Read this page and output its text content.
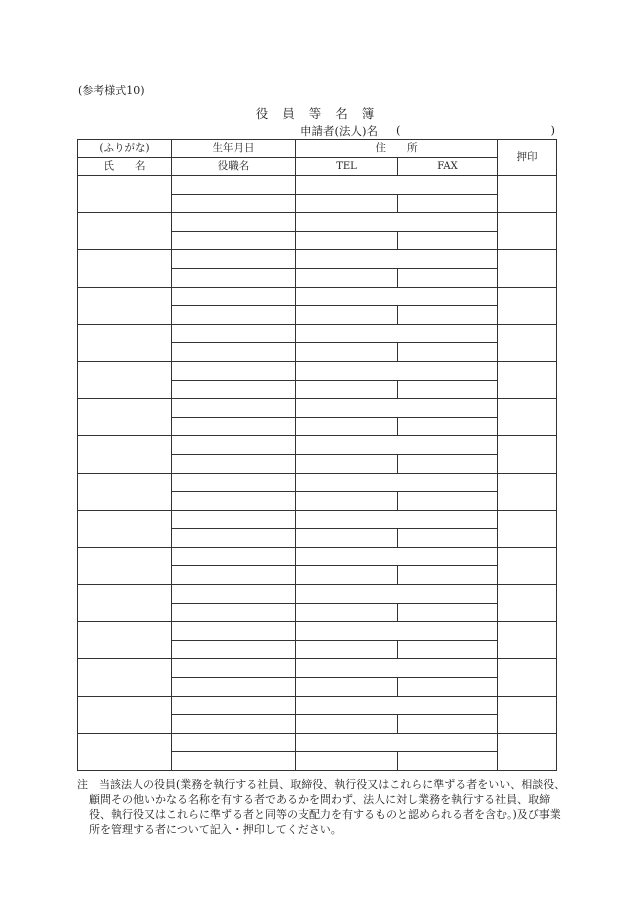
(参考様式10)
役 員 等 名 簿
申請者(法人)名 (	)
(ふりがな)	生年月日	住　　所		押印
氏　　名	役職名	TEL	FAX	

注	当該法人の役員(業務を執行する社員、取締役、執行役又はこれらに準ずる者をいい、相談役、顧問その他いかなる名称を有する者であるかを問わず、法人に対し業務を執行する社員、取締役、執行役又はこれらに準ずる者と同等の支配力を有するものと認められる者を含む。)及び事業所を管理する者について記入・押印してください。
